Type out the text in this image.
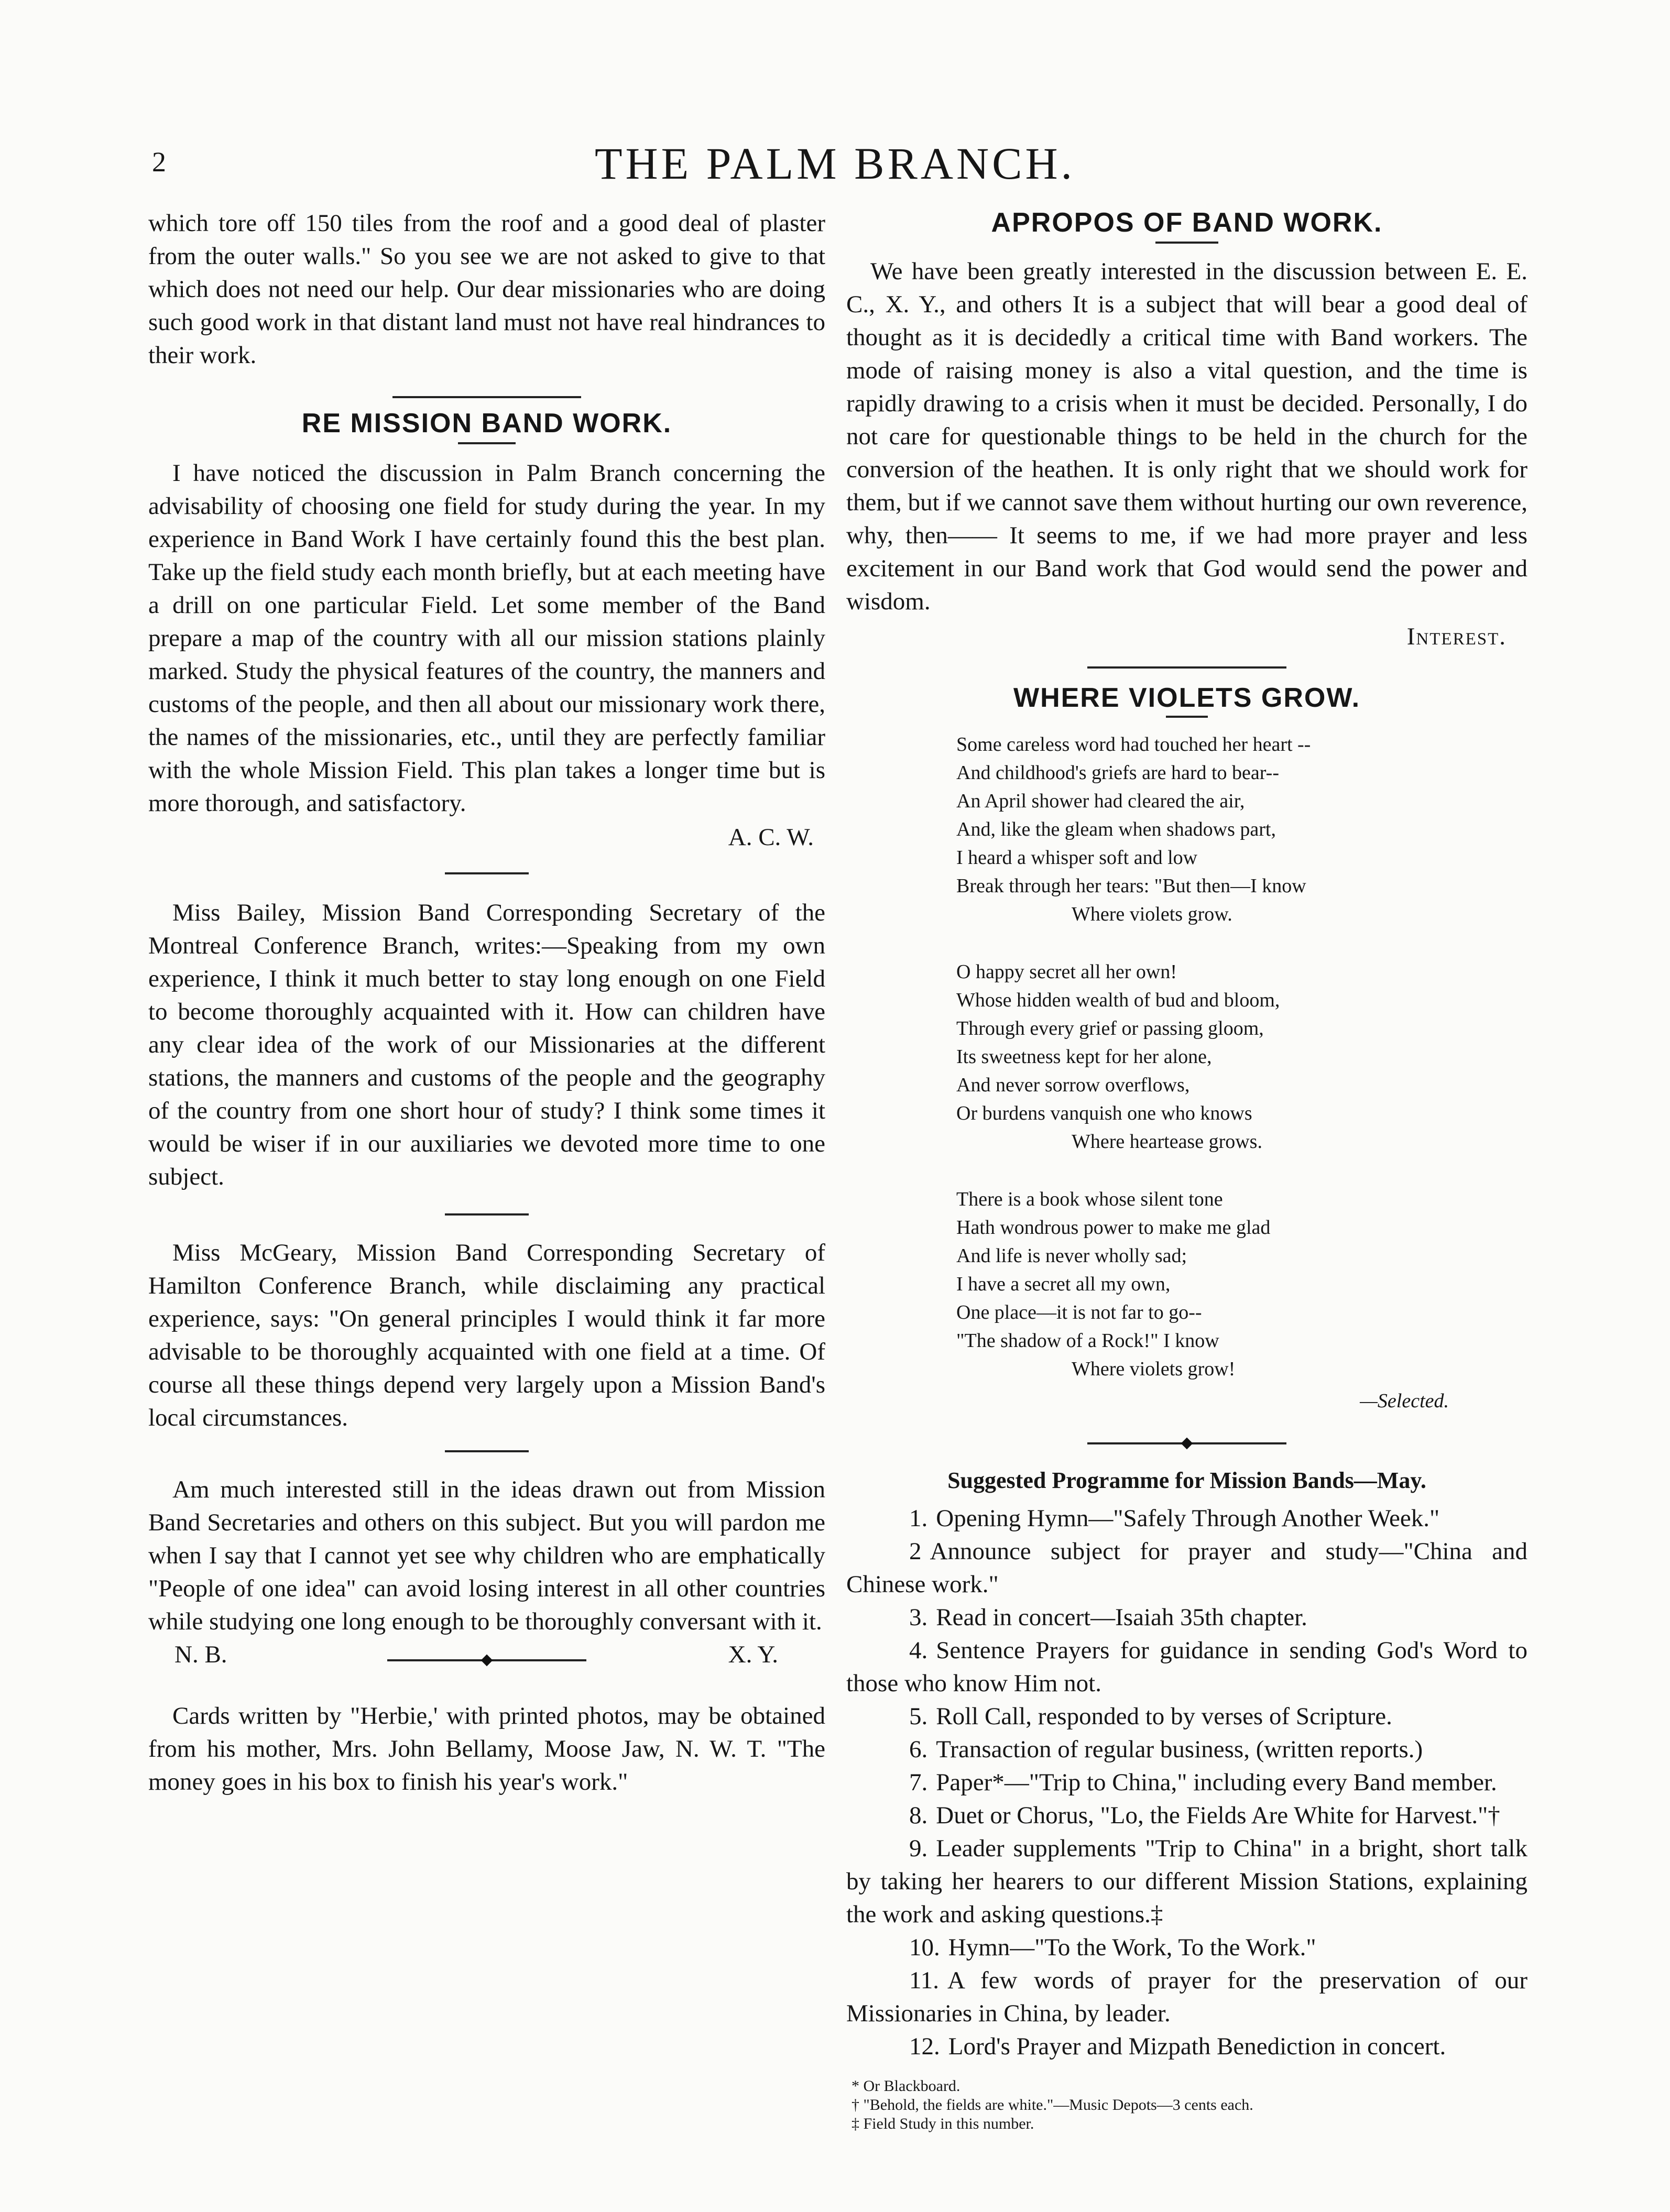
2	THE PALM BRANCH.

which tore off 150 tiles from the roof and a good deal of plaster from the outer walls." So you see we are not asked to give to that which does not need our help. Our dear missionaries who are doing such good work in that distant land must not have real hindrances to their work.

RE MISSION BAND WORK.

I have noticed the discussion in Palm Branch concerning the advisability of choosing one field for study during the year. In my experience in Band Work I have certainly found this the best plan. Take up the field study each month briefly, but at each meeting have a drill on one particular Field. Let some member of the Band prepare a map of the country with all our mission stations plainly marked. Study the physical features of the country, the manners and customs of the people, and then all about our missionary work there, the names of the missionaries, etc., until they are perfectly familiar with the whole Mission Field. This plan takes a longer time but is more thorough, and satisfactory.

A. C. W.

Miss Bailey, Mission Band Corresponding Secretary of the Montreal Conference Branch, writes:—Speaking from my own experience, I think it much better to stay long enough on one Field to become thoroughly acquainted with it. How can children have any clear idea of the work of our Missionaries at the different stations, the manners and customs of the people and the geography of the country from one short hour of study? I think some times it would be wiser if in our auxiliaries we devoted more time to one subject.

Miss McGeary, Mission Band Corresponding Secretary of Hamilton Conference Branch, while disclaiming any practical experience, says: "On general principles I would think it far more advisable to be thoroughly acquainted with one field at a time. Of course all these things depend very largely upon a Mission Band's local circumstances.

Am much interested still in the ideas drawn out from Mission Band Secretaries and others on this subject. But you will pardon me when I say that I cannot yet see why children who are emphatically "People of one idea" can avoid losing interest in all other countries while studying one long enough to be thoroughly conversant with it.

N. B.	X. Y.

Cards written by "Herbie,' with printed photos, may be obtained from his mother, Mrs. John Bellamy, Moose Jaw, N. W. T. "The money goes in his box to finish his year's work."

APROPOS OF BAND WORK.

We have been greatly interested in the discussion between E. E. C., X. Y., and others It is a subject that will bear a good deal of thought as it is decidedly a critical time with Band workers. The mode of raising money is also a vital question, and the time is rapidly drawing to a crisis when it must be decided. Personally, I do not care for questionable things to be held in the church for the conversion of the heathen. It is only right that we should work for them, but if we cannot save them without hurting our own reverence, why, then—— It seems to me, if we had more prayer and less excitement in our Band work that God would send the power and wisdom.

Interest.
WHERE VIOLETS GROW.
Some careless word had touched her heart --
And childhood's griefs are hard to bear--
An April shower had cleared the air,
And, like the gleam when shadows part,
I heard a whisper soft and low
Break through her tears: "But then—I know
Where violets grow.
O happy secret all her own!
Whose hidden wealth of bud and bloom,
Through every grief or passing gloom,
Its sweetness kept for her alone,
And never sorrow overflows,
Or burdens vanquish one who knows
Where heartease grows.
There is a book whose silent tone
Hath wondrous power to make me glad
And life is never wholly sad;
I have a secret all my own,
One place—it is not far to go--
"The shadow of a Rock!" I know
Where violets grow!
—Selected.
Suggested Programme for Mission Bands—May.

1. Opening Hymn—"Safely Through Another Week."

2 Announce subject for prayer and study—"China and Chinese work."

3. Read in concert—Isaiah 35th chapter.

4. Sentence Prayers for guidance in sending God's Word to those who know Him not.

5. Roll Call, responded to by verses of Scripture.

6. Transaction of regular business, (written reports.)

7. Paper*—"Trip to China," including every Band member.

8. Duet or Chorus, "Lo, the Fields Are White for Harvest."†

9. Leader supplements "Trip to China" in a bright, short talk by taking her hearers to our different Mission Stations, explaining the work and asking questions.‡

10. Hymn—"To the Work, To the Work."

11. A few words of prayer for the preservation of our Missionaries in China, by leader.

12. Lord's Prayer and Mizpath Benediction in concert.

* Or Blackboard.

† "Behold, the fields are white."—Music Depots—3 cents each.

‡ Field Study in this number.
